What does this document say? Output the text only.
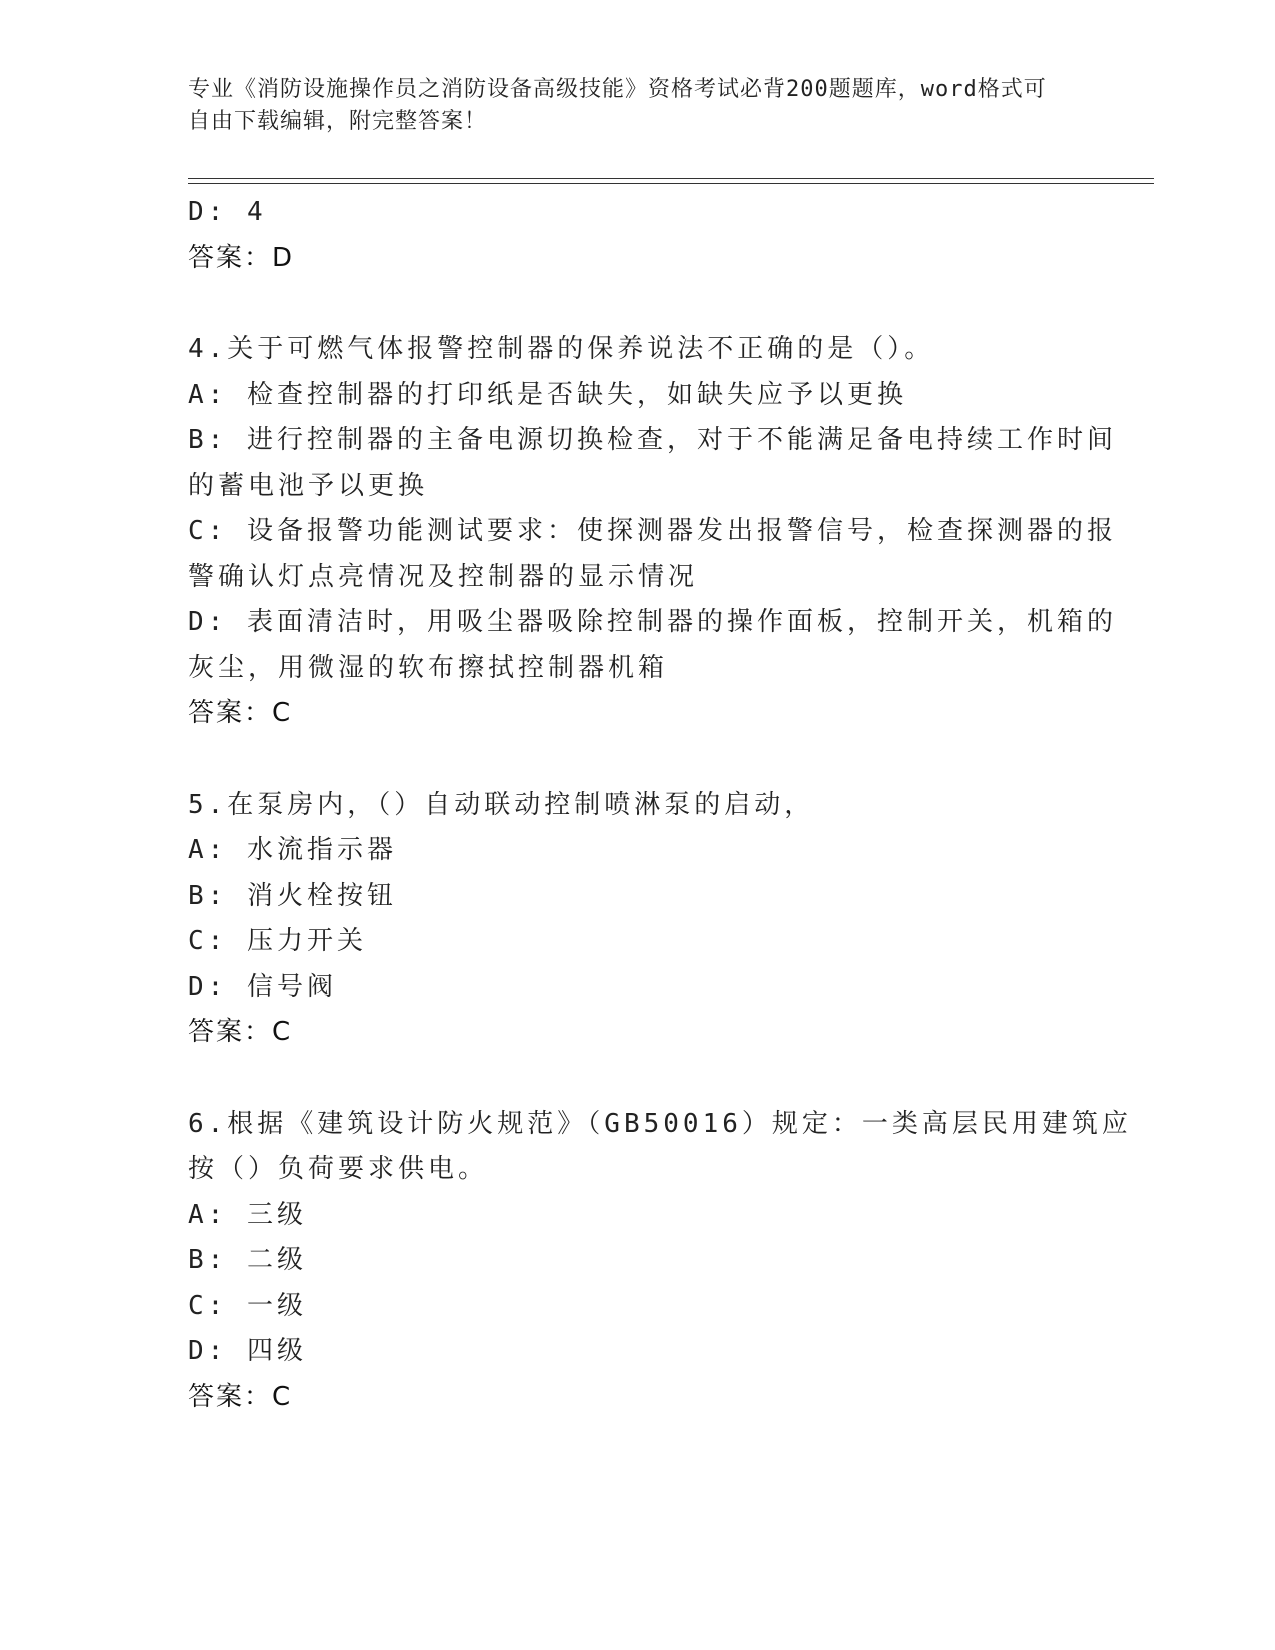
专业《消防设施操作员之消防设备高级技能》资格考试必背200题题库，word格式可自由下载编辑，附完整答案！
D: 4
答案：D
4.关于可燃气体报警控制器的保养说法不正确的是（）。
A: 检查控制器的打印纸是否缺失，如缺失应予以更换
B: 进行控制器的主备电源切换检查，对于不能满足备电持续工作时间
的蓄电池予以更换
C: 设备报警功能测试要求：使探测器发出报警信号，检查探测器的报
警确认灯点亮情况及控制器的显示情况
D: 表面清洁时，用吸尘器吸除控制器的操作面板，控制开关，机箱的
灰尘，用微湿的软布擦拭控制器机箱
答案：C
5.在泵房内，（）自动联动控制喷淋泵的启动，
A: 水流指示器
B: 消火栓按钮
C: 压力开关
D: 信号阀
答案：C
6.根据《建筑设计防火规范》（GB50016）规定：一类高层民用建筑应
按（）负荷要求供电。
A: 三级
B: 二级
C: 一级
D: 四级
答案：C
